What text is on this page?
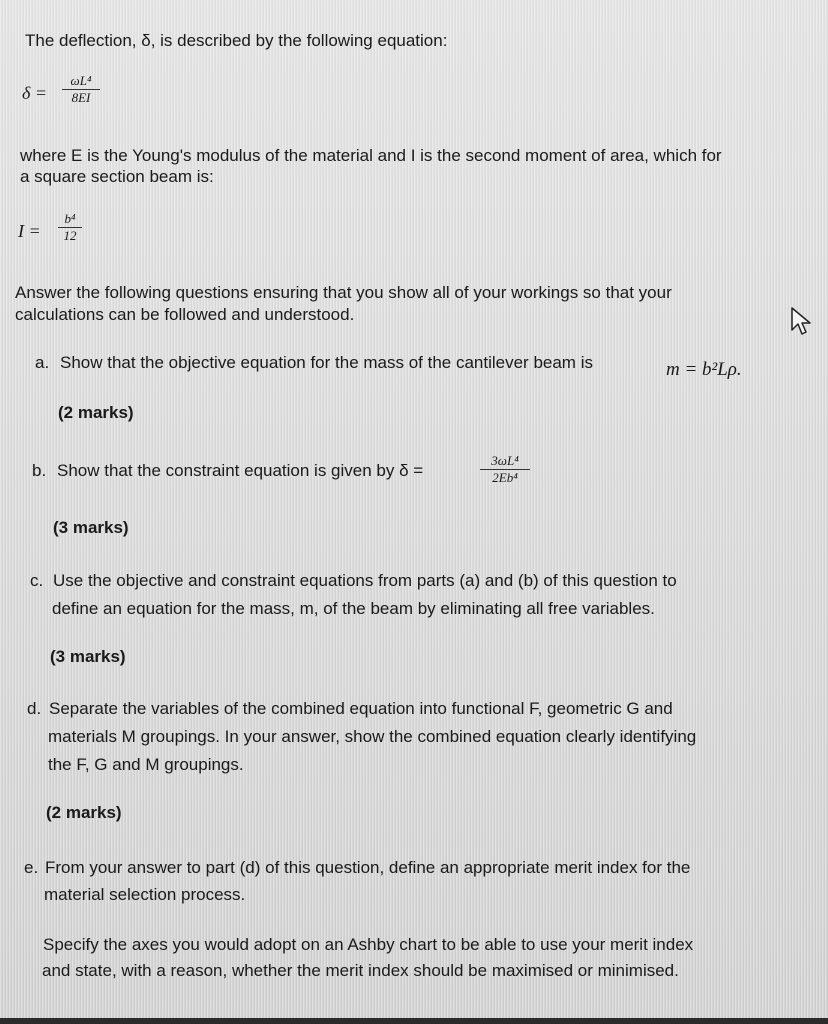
The deflection, δ, is described by the following equation:
δ =
ωL⁴
8EI
where E is the Young's modulus of the material and I is the second moment of area, which for
a square section beam is:
I =
b⁴
12
Answer the following questions ensuring that you show all of your workings so that your
calculations can be followed and understood.
a. Show that the objective equation for the mass of the cantilever beam is	m = b²Lρ.
(2 marks)
b. Show that the constraint equation is given by δ =
3ωL⁴
2Eb⁴
(3 marks)
c. Use the objective and constraint equations from parts (a) and (b) of this question to
define an equation for the mass, m, of the beam by eliminating all free variables.
(3 marks)
d. Separate the variables of the combined equation into functional F, geometric G and
materials M groupings. In your answer, show the combined equation clearly identifying
the F, G and M groupings.
(2 marks)
e. From your answer to part (d) of this question, define an appropriate merit index for the
material selection process.
Specify the axes you would adopt on an Ashby chart to be able to use your merit index
and state, with a reason, whether the merit index should be maximised or minimised.
